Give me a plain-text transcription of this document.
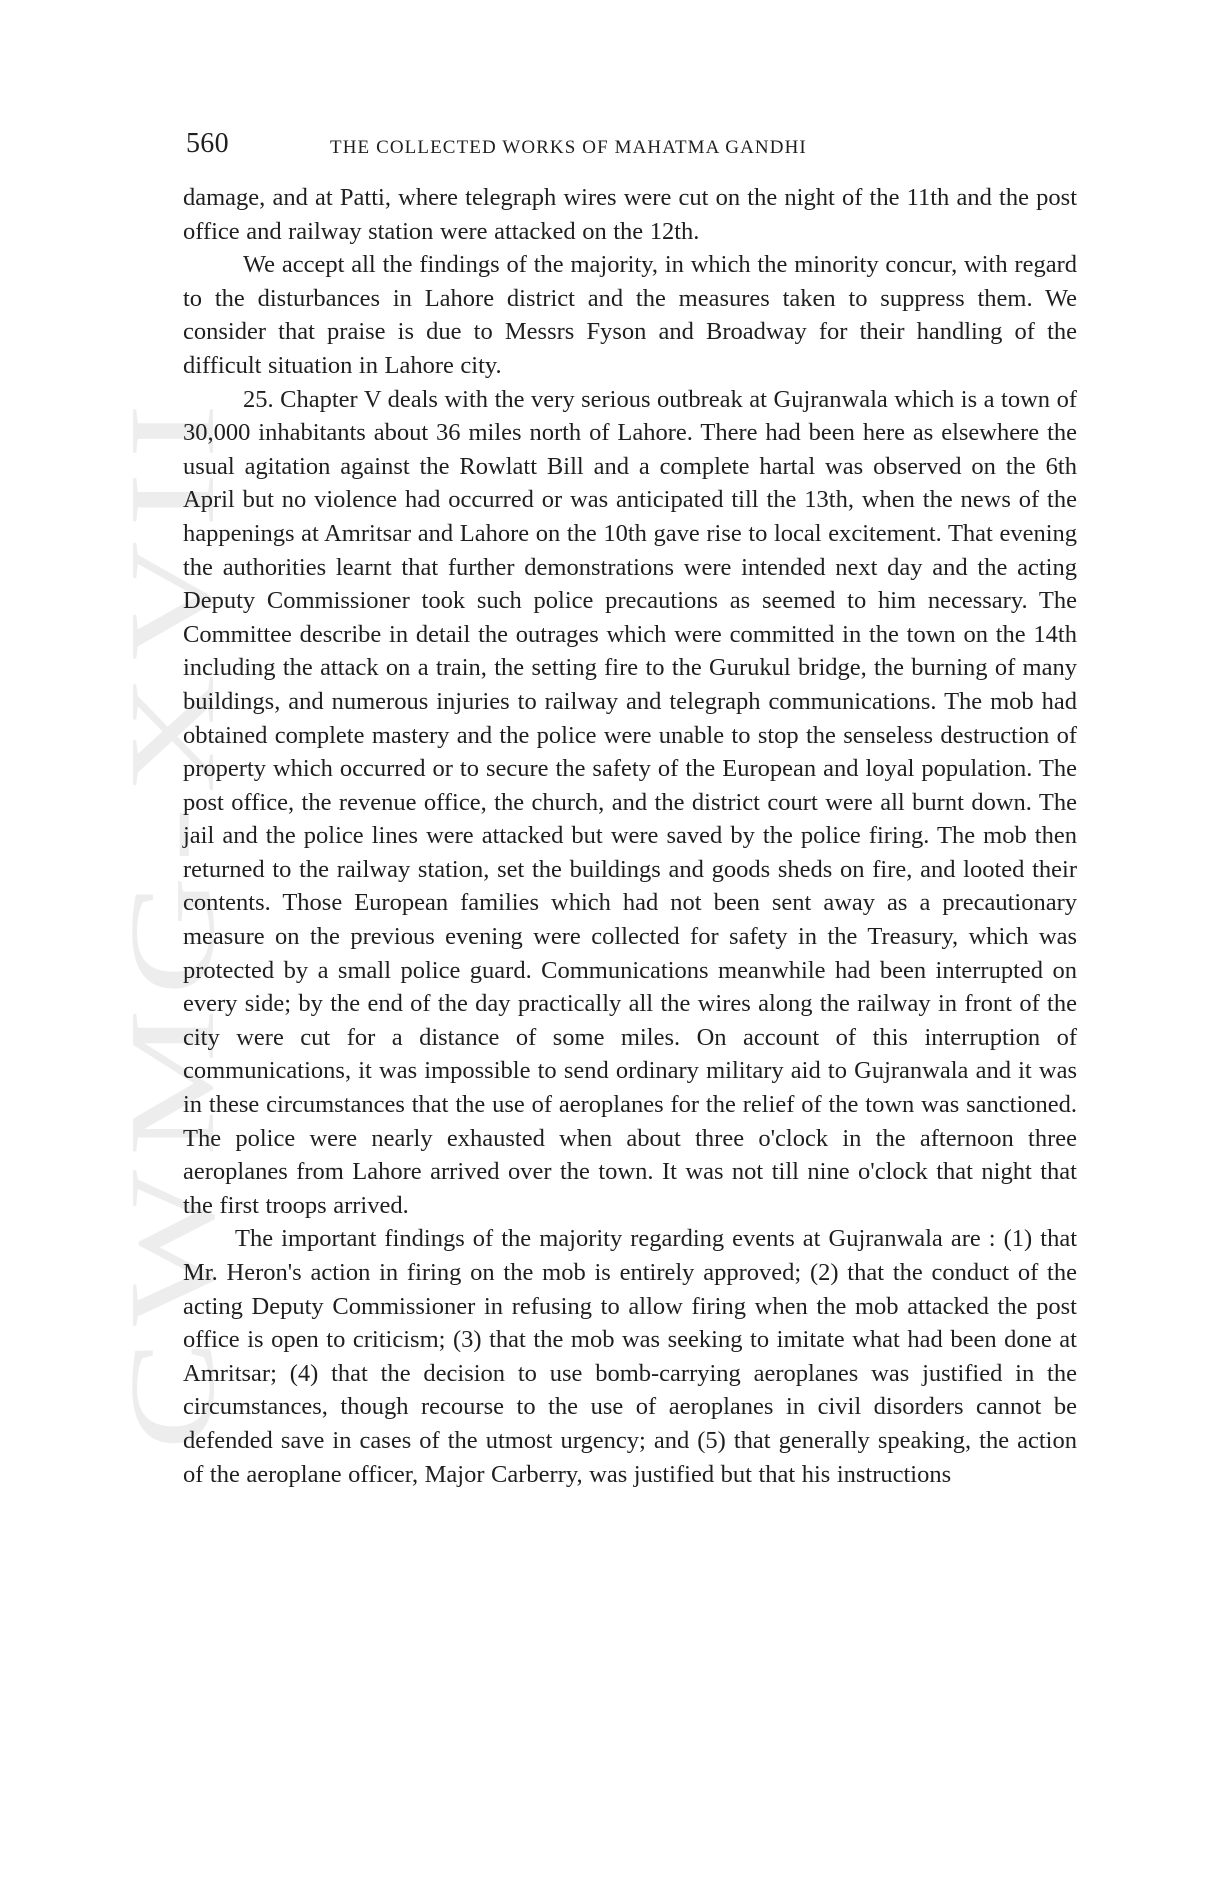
CWMG-XVII
560	THE COLLECTED WORKS OF MAHATMA GANDHI

damage, and at Patti, where telegraph wires were cut on the night of the 11th and the post office and railway station were attacked on the 12th.

We accept all the findings of the majority, in which the minority concur, with regard to the disturbances in Lahore district and the measures taken to suppress them. We consider that praise is due to Messrs Fyson and Broadway for their handling of the difficult situation in Lahore city.

25. Chapter V deals with the very serious outbreak at Gujranwala which is a town of 30,000 inhabitants about 36 miles north of Lahore. There had been here as elsewhere the usual agitation against the Rowlatt Bill and a complete hartal was observed on the 6th April but no violence had occurred or was anticipated till the 13th, when the news of the happenings at Amritsar and Lahore on the 10th gave rise to local excitement. That evening the authorities learnt that further demonstrations were intended next day and the acting Deputy Commissioner took such police precautions as seemed to him necessary. The Committee describe in detail the outrages which were committed in the town on the 14th including the attack on a train, the setting fire to the Gurukul bridge, the burning of many buildings, and numerous injuries to railway and telegraph communications. The mob had obtained complete mastery and the police were unable to stop the senseless destruction of property which occurred or to secure the safety of the European and loyal population. The post office, the revenue office, the church, and the district court were all burnt down. The jail and the police lines were attacked but were saved by the police firing. The mob then returned to the railway station, set the buildings and goods sheds on fire, and looted their contents. Those European families which had not been sent away as a precautionary measure on the previous evening were collected for safety in the Treasury, which was protected by a small police guard. Communications meanwhile had been interrupted on every side; by the end of the day practically all the wires along the railway in front of the city were cut for a distance of some miles. On account of this interruption of communications, it was impossible to send ordinary military aid to Gujranwala and it was in these circumstances that the use of aeroplanes for the relief of the town was sanctioned. The police were nearly exhausted when about three o'clock in the afternoon three aeroplanes from Lahore arrived over the town. It was not till nine o'clock that night that the first troops arrived.

The important findings of the majority regarding events at Gujranwala are : (1) that Mr. Heron's action in firing on the mob is entirely approved; (2) that the conduct of the acting Deputy Commissioner in refusing to allow firing when the mob attacked the post office is open to criticism; (3) that the mob was seeking to imitate what had been done at Amritsar; (4) that the decision to use bomb-carrying aeroplanes was justified in the circumstances, though recourse to the use of aeroplanes in civil disorders cannot be defended save in cases of the utmost urgency; and (5) that generally speaking, the action of the aeroplane officer, Major Carberry, was justified but that his instructions
